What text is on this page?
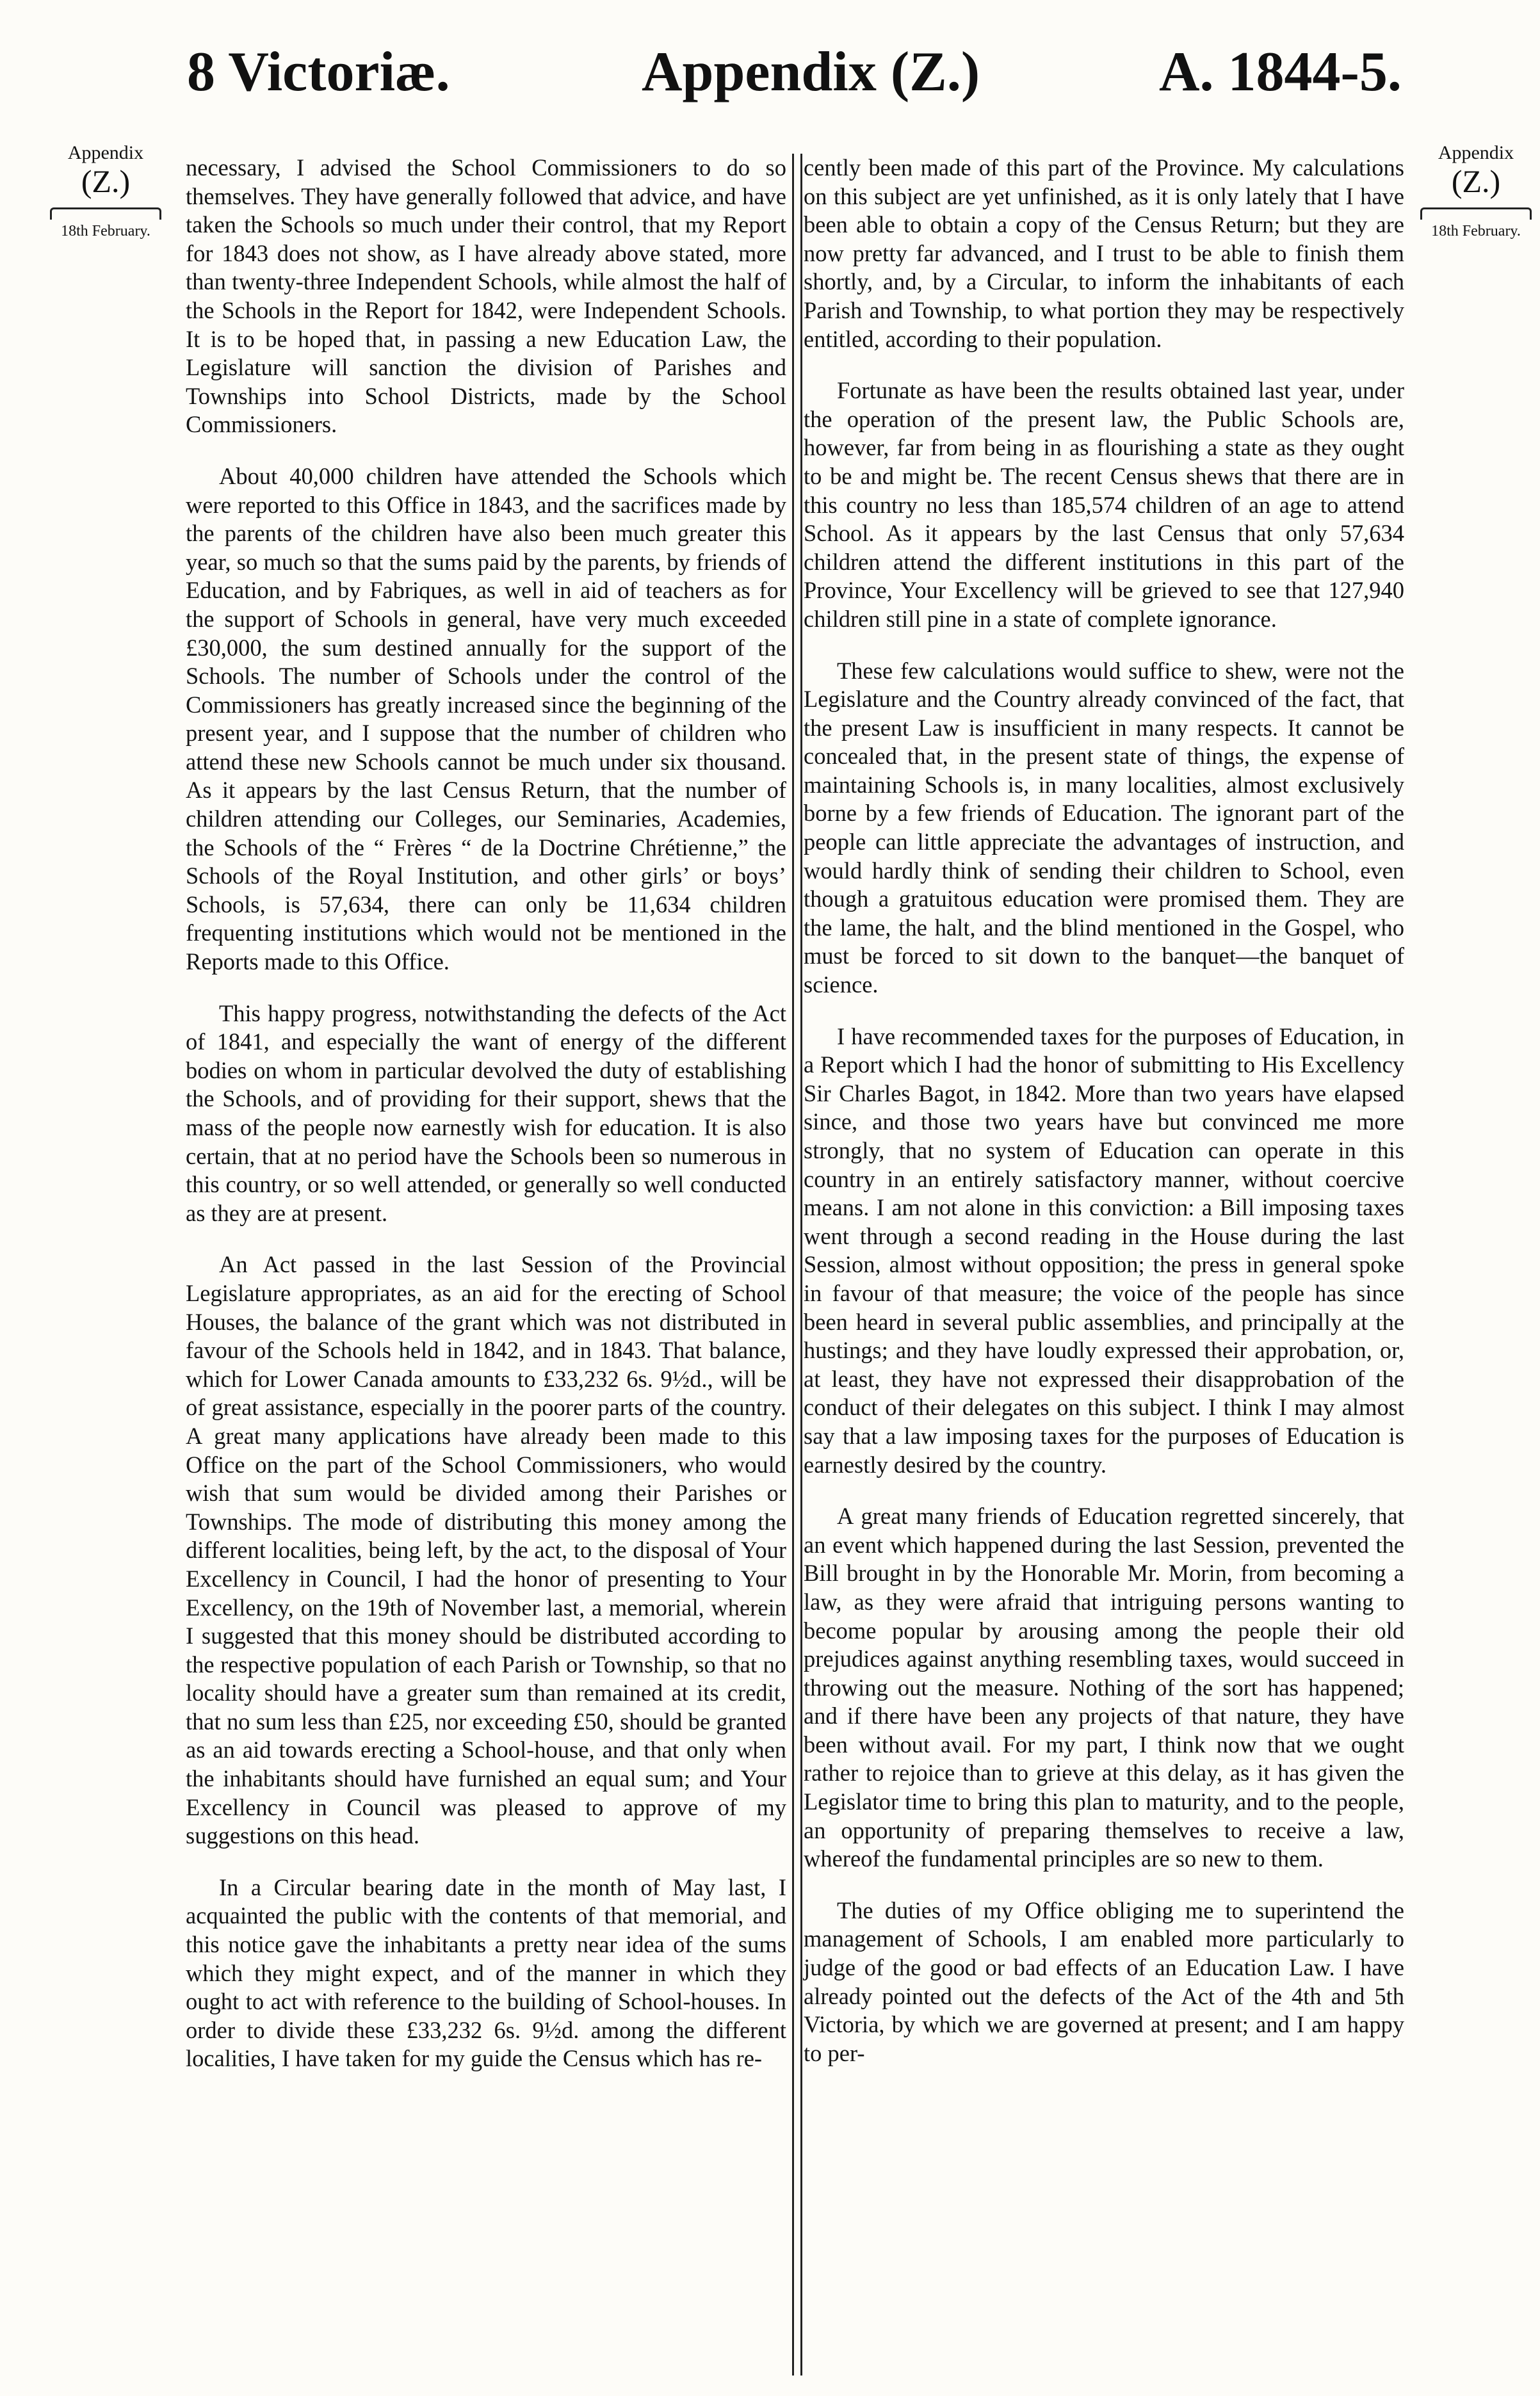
8 Victoriæ.	Appendix (Z.)	A. 1844-5.
Appendix
(Z.)
18th February.
Appendix
(Z.)
18th February.

necessary, I advised the School Commissioners to do so themselves. They have generally followed that advice, and have taken the Schools so much under their control, that my Report for 1843 does not show, as I have already above stated, more than twenty-three Independent Schools, while almost the half of the Schools in the Report for 1842, were Independent Schools. It is to be hoped that, in passing a new Education Law, the Legislature will sanction the division of Parishes and Townships into School Districts, made by the School Commissioners.

About 40,000 children have attended the Schools which were reported to this Office in 1843, and the sacrifices made by the parents of the children have also been much greater this year, so much so that the sums paid by the parents, by friends of Education, and by Fabriques, as well in aid of teachers as for the support of Schools in general, have very much exceeded £30,000, the sum destined annually for the support of the Schools. The number of Schools under the control of the Commissioners has greatly increased since the beginning of the present year, and I suppose that the number of children who attend these new Schools cannot be much under six thousand. As it appears by the last Census Return, that the number of children attending our Colleges, our Seminaries, Academies, the Schools of the “ Frères “ de la Doctrine Chrétienne,” the Schools of the Royal Institution, and other girls’ or boys’ Schools, is 57,634, there can only be 11,634 children frequenting institutions which would not be mentioned in the Reports made to this Office.

This happy progress, notwithstanding the defects of the Act of 1841, and especially the want of energy of the different bodies on whom in particular devolved the duty of establishing the Schools, and of providing for their support, shews that the mass of the people now earnestly wish for education. It is also certain, that at no period have the Schools been so numerous in this country, or so well attended, or generally so well conducted as they are at present.

An Act passed in the last Session of the Provincial Legislature appropriates, as an aid for the erecting of School Houses, the balance of the grant which was not distributed in favour of the Schools held in 1842, and in 1843. That balance, which for Lower Canada amounts to £33,232 6s. 9½d., will be of great assistance, especially in the poorer parts of the country. A great many applications have already been made to this Office on the part of the School Commissioners, who would wish that sum would be divided among their Parishes or Townships. The mode of distributing this money among the different localities, being left, by the act, to the disposal of Your Excellency in Council, I had the honor of presenting to Your Excellency, on the 19th of November last, a memorial, wherein I suggested that this money should be distributed according to the respective population of each Parish or Township, so that no locality should have a greater sum than remained at its credit, that no sum less than £25, nor exceeding £50, should be granted as an aid towards erecting a School-house, and that only when the inhabitants should have furnished an equal sum; and Your Excellency in Council was pleased to approve of my suggestions on this head.

In a Circular bearing date in the month of May last, I acquainted the public with the contents of that memorial, and this notice gave the inhabitants a pretty near idea of the sums which they might expect, and of the manner in which they ought to act with reference to the building of School-houses. In order to divide these £33,232 6s. 9½d. among the different localities, I have taken for my guide the Census which has re-

cently been made of this part of the Province. My calculations on this subject are yet unfinished, as it is only lately that I have been able to obtain a copy of the Census Return; but they are now pretty far advanced, and I trust to be able to finish them shortly, and, by a Circular, to inform the inhabitants of each Parish and Township, to what portion they may be respectively entitled, according to their population.

Fortunate as have been the results obtained last year, under the operation of the present law, the Public Schools are, however, far from being in as flourishing a state as they ought to be and might be. The recent Census shews that there are in this country no less than 185,574 children of an age to attend School. As it appears by the last Census that only 57,634 children attend the different institutions in this part of the Province, Your Excellency will be grieved to see that 127,940 children still pine in a state of complete ignorance.

These few calculations would suffice to shew, were not the Legislature and the Country already convinced of the fact, that the present Law is insufficient in many respects. It cannot be concealed that, in the present state of things, the expense of maintaining Schools is, in many localities, almost exclusively borne by a few friends of Education. The ignorant part of the people can little appreciate the advantages of instruction, and would hardly think of sending their children to School, even though a gratuitous education were promised them. They are the lame, the halt, and the blind mentioned in the Gospel, who must be forced to sit down to the banquet—the banquet of science.

I have recommended taxes for the purposes of Education, in a Report which I had the honor of submitting to His Excellency Sir Charles Bagot, in 1842. More than two years have elapsed since, and those two years have but convinced me more strongly, that no system of Education can operate in this country in an entirely satisfactory manner, without coercive means. I am not alone in this conviction: a Bill imposing taxes went through a second reading in the House during the last Session, almost without opposition; the press in general spoke in favour of that measure; the voice of the people has since been heard in several public assemblies, and principally at the hustings; and they have loudly expressed their approbation, or, at least, they have not expressed their disapprobation of the conduct of their delegates on this subject. I think I may almost say that a law imposing taxes for the purposes of Education is earnestly desired by the country.

A great many friends of Education regretted sincerely, that an event which happened during the last Session, prevented the Bill brought in by the Honorable Mr. Morin, from becoming a law, as they were afraid that intriguing persons wanting to become popular by arousing among the people their old prejudices against anything resembling taxes, would succeed in throwing out the measure. Nothing of the sort has happened; and if there have been any projects of that nature, they have been without avail. For my part, I think now that we ought rather to rejoice than to grieve at this delay, as it has given the Legislator time to bring this plan to maturity, and to the people, an opportunity of preparing themselves to receive a law, whereof the fundamental principles are so new to them.

The duties of my Office obliging me to superintend the management of Schools, I am enabled more particularly to judge of the good or bad effects of an Education Law. I have already pointed out the defects of the Act of the 4th and 5th Victoria, by which we are governed at present; and I am happy to per-
